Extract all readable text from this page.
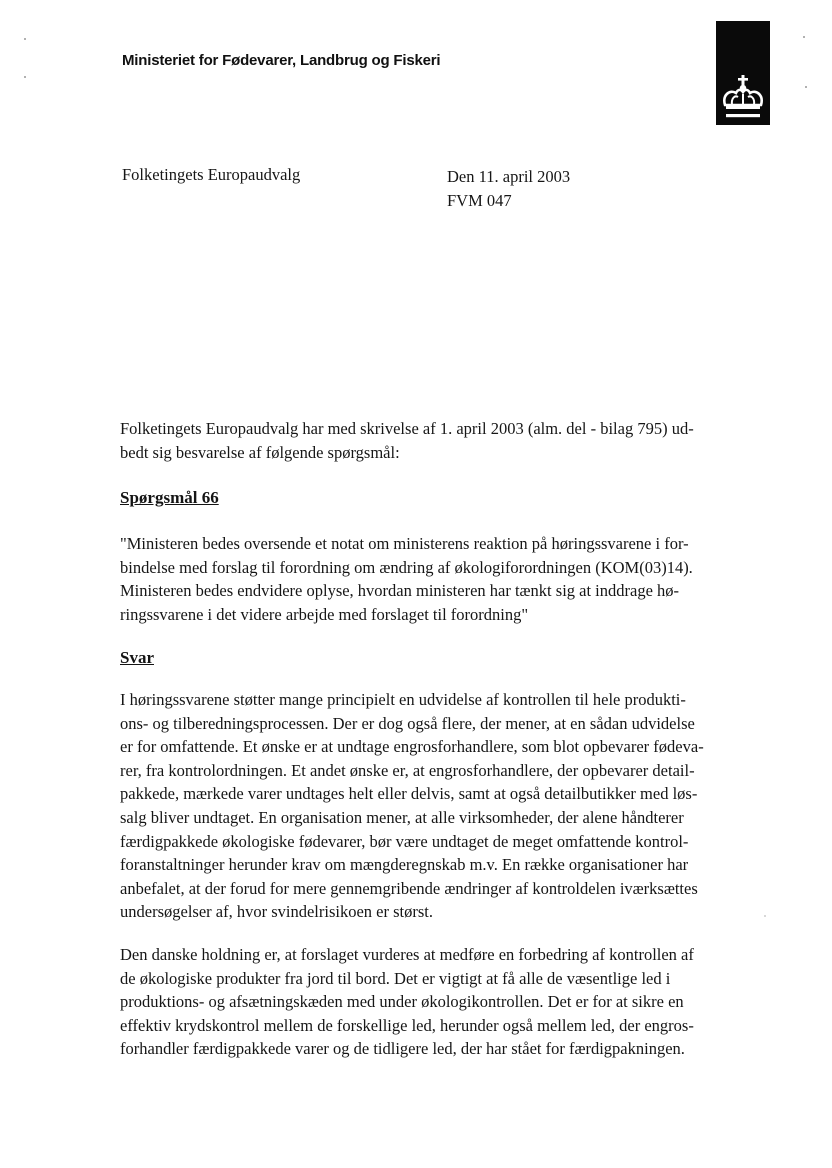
Ministeriet for Fødevarer, Landbrug og Fiskeri
Folketingets Europaudvalg	Den 11. april 2003
FVM 047
Folketingets Europaudvalg har med skrivelse af 1. april 2003 (alm. del - bilag 795) ud-
bedt sig besvarelse af følgende spørgsmål:
Spørgsmål 66
"Ministeren bedes oversende et notat om ministerens reaktion på høringssvarene i for-
bindelse med forslag til forordning om ændring af økologiforordningen (KOM(03)14).
Ministeren bedes endvidere oplyse, hvordan ministeren har tænkt sig at inddrage hø-
ringssvarene i det videre arbejde med forslaget til forordning"
Svar
I høringssvarene støtter mange principielt en udvidelse af kontrollen til hele produkti-
ons- og tilberedningsprocessen. Der er dog også flere, der mener, at en sådan udvidelse
er for omfattende. Et ønske er at undtage engrosforhandlere, som blot opbevarer fødeva-
rer, fra kontrolordningen. Et andet ønske er, at engrosforhandlere, der opbevarer detail-
pakkede, mærkede varer undtages helt eller delvis, samt at også detailbutikker med løs-
salg bliver undtaget. En organisation mener, at alle virksomheder, der alene håndterer
færdigpakkede økologiske fødevarer, bør være undtaget de meget omfattende kontrol-
foranstaltninger herunder krav om mængderegnskab m.v. En række organisationer har
anbefalet, at der forud for mere gennemgribende ændringer af kontroldelen iværksættes
undersøgelser af, hvor svindelrisikoen er størst.
Den danske holdning er, at forslaget vurderes at medføre en forbedring af kontrollen af
de økologiske produkter fra jord til bord. Det er vigtigt at få alle de væsentlige led i
produktions- og afsætningskæden med under økologikontrollen. Det er for at sikre en
effektiv krydskontrol mellem de forskellige led, herunder også mellem led, der engros-
forhandler færdigpakkede varer og de tidligere led, der har stået for færdigpakningen.
